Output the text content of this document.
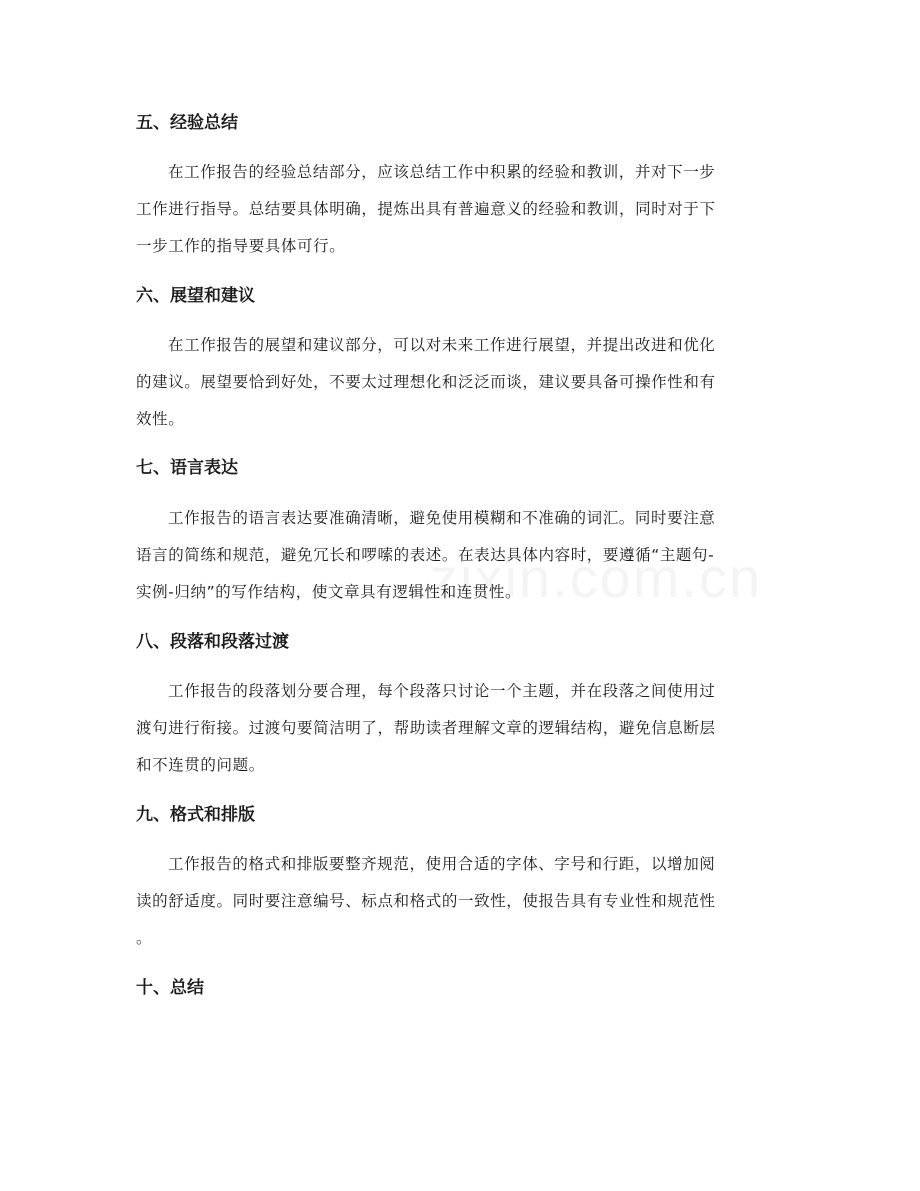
五、经验总结
在工作报告的经验总结部分，应该总结工作中积累的经验和教训，并对下一步
工作进行指导。总结要具体明确，提炼出具有普遍意义的经验和教训，同时对于下
一步工作的指导要具体可行。
六、展望和建议
在工作报告的展望和建议部分，可以对未来工作进行展望，并提出改进和优化
的建议。展望要恰到好处，不要太过理想化和泛泛而谈，建议要具备可操作性和有
效性。
七、语言表达
工作报告的语言表达要准确清晰，避免使用模糊和不准确的词汇。同时要注意
语言的简练和规范，避免冗长和啰嗦的表述。在表达具体内容时，要遵循“主题句-
实例-归纳”的写作结构，使文章具有逻辑性和连贯性。
八、段落和段落过渡
工作报告的段落划分要合理，每个段落只讨论一个主题，并在段落之间使用过
渡句进行衔接。过渡句要简洁明了，帮助读者理解文章的逻辑结构，避免信息断层
和不连贯的问题。
九、格式和排版
工作报告的格式和排版要整齐规范，使用合适的字体、字号和行距，以增加阅
读的舒适度。同时要注意编号、标点和格式的一致性，使报告具有专业性和规范性
。
十、总结
